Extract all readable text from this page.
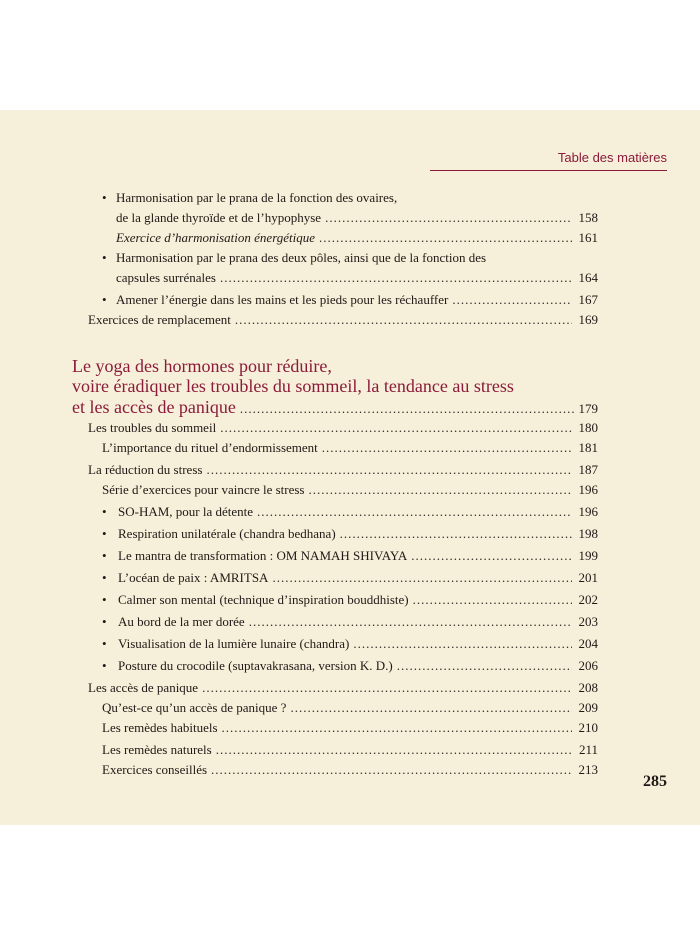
Table des matières
• Harmonisation par le prana de la fonction des ovaires,
de la glande thyroïde et de l’hypophyse .....	158
Exercice d’harmonisation énergétique .....	161
• Harmonisation par le prana des deux pôles, ainsi que de la fonction des
capsules surrénales .....	164
• Amener l’énergie dans les mains et les pieds pour les réchauffer .....	167
Exercices de remplacement .....	169
Le yoga des hormones pour réduire,
voire éradiquer les troubles du sommeil, la tendance au stress
et les accès de panique .....	179
Les troubles du sommeil .....	180
L’importance du rituel d’endormissement .....	181
La réduction du stress .....	187
Série d’exercices pour vaincre le stress .....	196
• SO-HAM, pour la détente .....	196
• Respiration unilatérale (chandra bedhana) .....	198
• Le mantra de transformation : OM NAMAH SHIVAYA .....	199
• L’océan de paix : AMRITSA .....	201
• Calmer son mental (technique d’inspiration bouddhiste) .....	202
• Au bord de la mer dorée .....	203
• Visualisation de la lumière lunaire (chandra) .....	204
• Posture du crocodile (suptavakrasana, version K. D.) .....	206
Les accès de panique .....	208
Qu’est-ce qu’un accès de panique ? .....	209
Les remèdes habituels .....	210
Les remèdes naturels .....	211
Exercices conseillés .....	213
285
